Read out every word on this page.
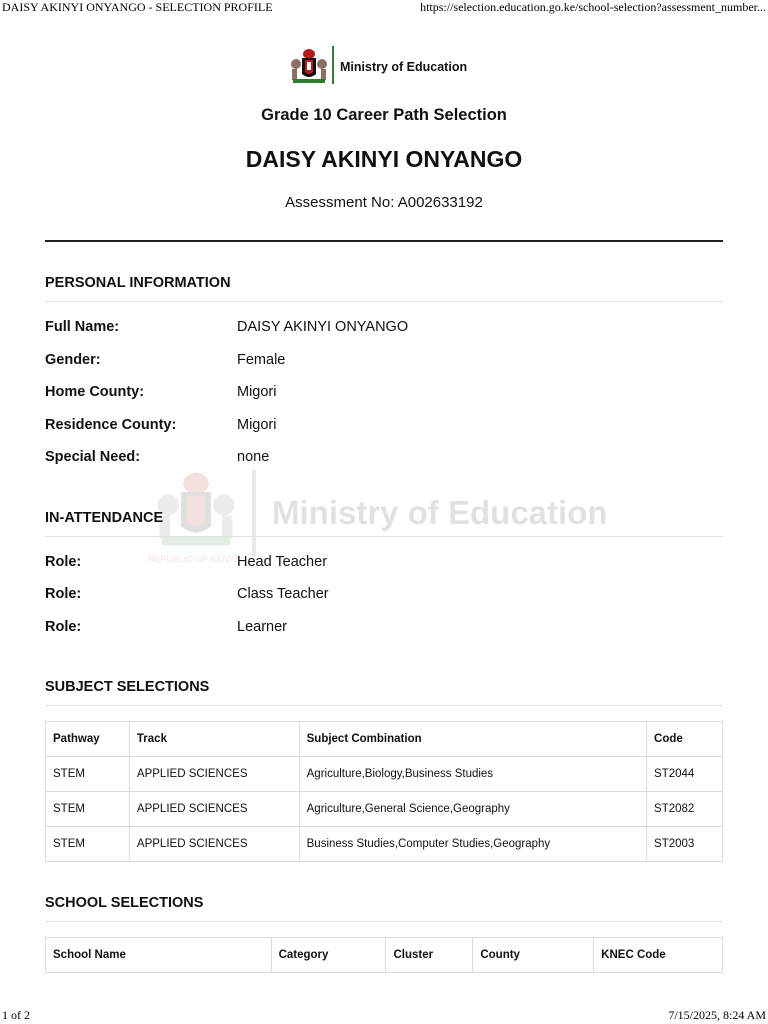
DAISY AKINYI ONYANGO - SELECTION PROFILE	https://selection.education.go.ke/school-selection?assessment_number...
Ministry of Education
REPUBLIC OF KENYA
Ministry of Education
Grade 10 Career Path Selection
DAISY AKINYI ONYANGO
Assessment No: A002633192
PERSONAL INFORMATION
Full Name:	DAISY AKINYI ONYANGO
Gender:	Female
Home County:	Migori
Residence County:	Migori
Special Need:	none
IN-ATTENDANCE
Role:	Head Teacher
Role:	Class Teacher
Role:	Learner
SUBJECT SELECTIONS
Pathway	Track	Subject Combination	Code
STEM	APPLIED SCIENCES	Agriculture,Biology,Business Studies	ST2044
STEM	APPLIED SCIENCES	Agriculture,General Science,Geography	ST2082
STEM	APPLIED SCIENCES	Business Studies,Computer Studies,Geography	ST2003
SCHOOL SELECTIONS
School Name	Category	Cluster	County	KNEC Code
1 of 2	7/15/2025, 8:24 AM
